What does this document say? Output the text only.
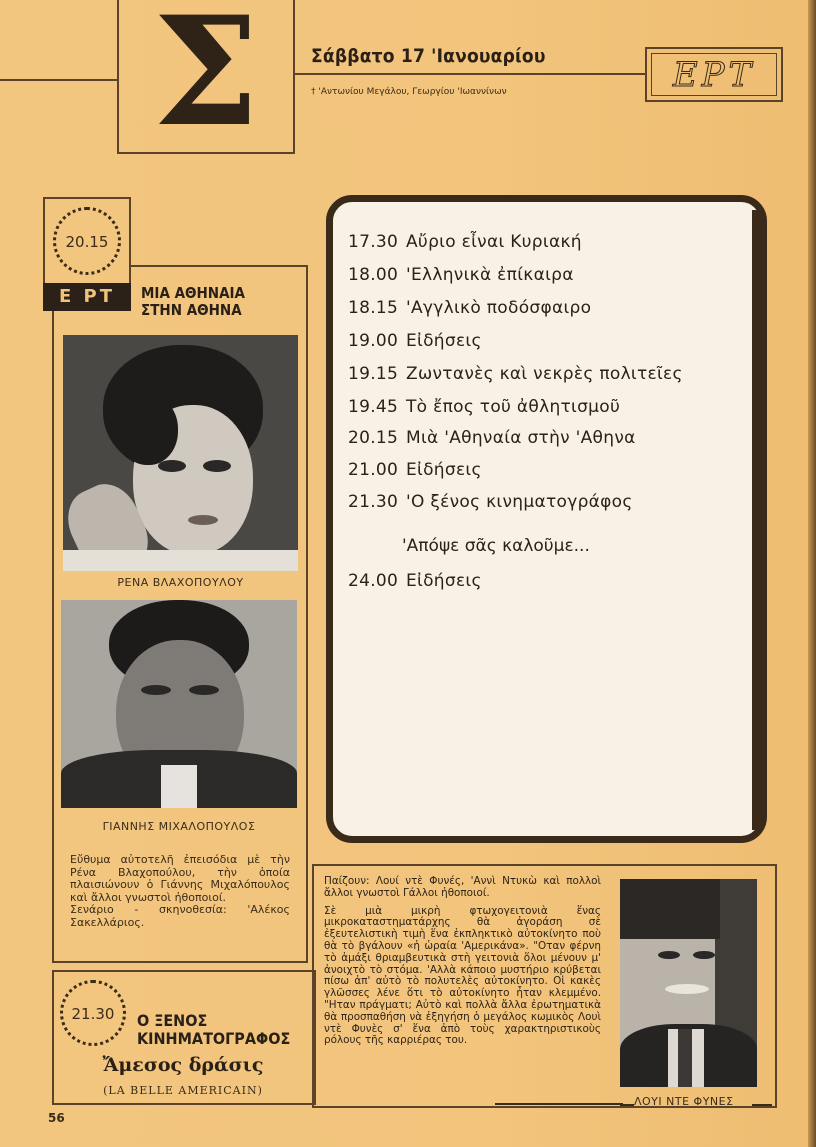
Σ	Σάββατο 17 'Ιανουαρίου
† 'Αντωνίου Μεγάλου, Γεωργίου 'Ιωαννίνων	ΕΡΤ
20.15
Ε ΡΤ	ΜΙΑ ΑΘΗΝΑΙΑ
ΣΤΗΝ ΑΘΗΝΑ
ΡΕΝΑ ΒΛΑΧΟΠΟΥΛΟΥ
ΓΙΑΝΝΗΣ ΜΙΧΑΛΟΠΟΥΛΟΣ
Εὔθυμα αὐτοτελῆ ἐπεισόδια μὲ τὴν Ρένα Βλαχοπούλου, τὴν ὁποία πλαισιώνουν ὁ Γιάννης Μιχαλόπουλος καὶ ἄλλοι γνωστοὶ ἠθοποιοί.
Σενάριο - σκηνοθεσία: 'Αλέκος Σακελλάριος.
21.30	Ο ΞΕΝΟΣ
ΚΙΝΗΜΑΤΟΓΡΑΦΟΣ
Ἄμεσος δράσις
(LA BELLE AMERICAIN)
56
17.30 Αὔριο εἶναι Κυριακή
18.00 'Ελληνικὰ ἐπίκαιρα
18.15 'Αγγλικὸ ποδόσφαιρο
19.00 Εἰδήσεις
19.15 Ζωντανὲς καὶ νεκρὲς πολιτεῖες
19.45 Τὸ ἔπος τοῦ ἀθλητισμοῦ
20.15 Μιὰ 'Αθηναία στὴν 'Αθηνα
21.00 Εἰδήσεις
21.30 'Ο ξένος κινηματογράφος
'Απόψε σᾶς καλοῦμε...
24.00 Εἰδήσεις

Παίζουν: Λουί ντὲ Φυνές, 'Αννὶ Ντυκὼ καὶ πολλοὶ ἄλλοι γνωστοὶ Γάλλοι ἠθοποιοί.

Σὲ μιὰ μικρὴ φτωχογειτονιὰ ἕνας μικροκαταστηματάρχης θὰ ἀγοράση σὲ ἐξευτελιστικὴ τιμὴ ἕνα ἐκπληκτικὸ αὐτοκίνητο ποὺ θὰ τὸ βγάλουν «ἡ ὡραία 'Αμερικάνα». "Οταν φέρνη τὸ ἀμάξι θριαμβευτικὰ στὴ γειτονιὰ ὅλοι μένουν μ' ἀνοιχτὸ τὸ στόμα. 'Αλλὰ κάποιο μυστήριο κρύβεται πίσω ἀπ' αὐτὸ τὸ πολυτελὲς αὐτοκίνητο. Οἱ κακὲς γλῶσσες λένε ὅτι τὸ αὐτοκίνητο ἦταν κλεμμένο. "Ηταν πράγματι; Αὐτὸ καὶ πολλὰ ἄλλα ἐρωτηματικὰ θὰ προσπαθήση νὰ ἐξηγήση ὁ μεγάλος κωμικὸς Λουὶ ντὲ Φυνὲς σ' ἕνα ἀπὸ τοὺς χαρακτηριστικοὺς ρόλους τῆς καρριέρας του.

ΛΟΥΙ ΝΤΕ ΦΥΝΕΣ
